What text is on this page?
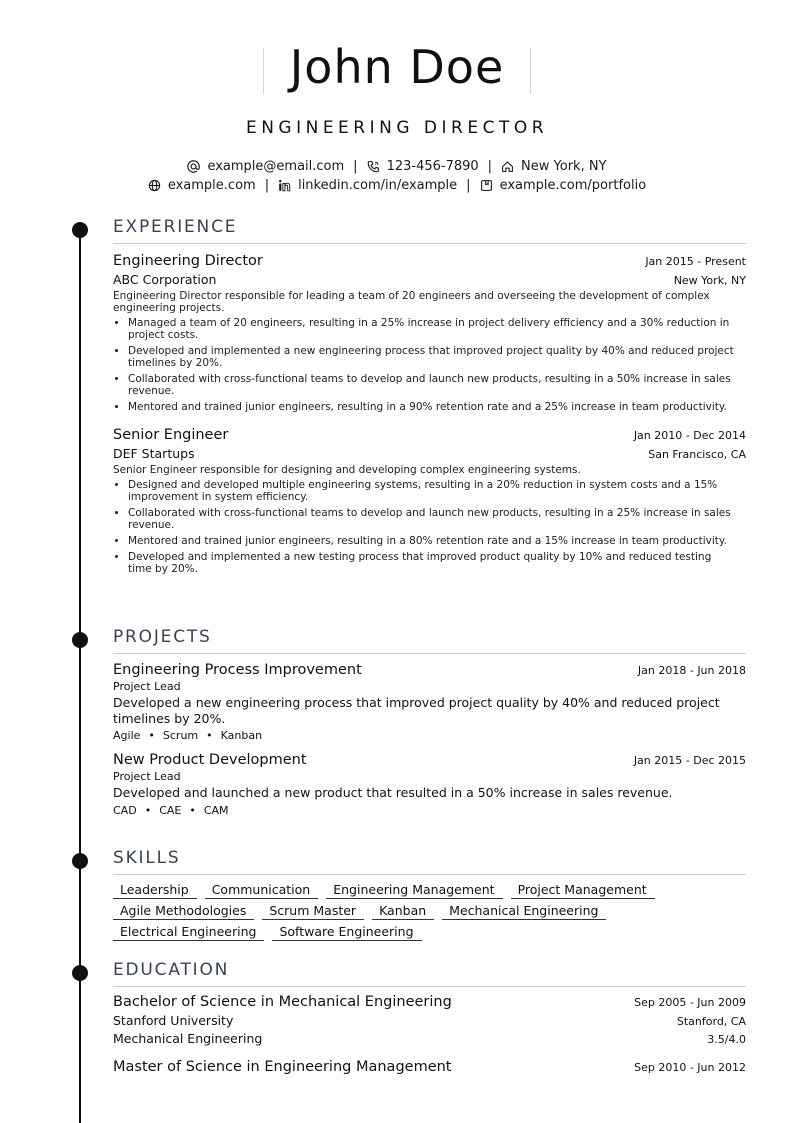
John Doe
ENGINEERING DIRECTOR
example@email.com | 123-456-7890 | New York, NY
example.com | linkedin.com/in/example | example.com/portfolio
EXPERIENCE
Engineering Director	Jan 2015 - Present
ABC Corporation	New York, NY
Engineering Director responsible for leading a team of 20 engineers and overseeing the development of complex engineering projects.
• Managed a team of 20 engineers, resulting in a 25% increase in project delivery efficiency and a 30% reduction in project costs.
• Developed and implemented a new engineering process that improved project quality by 40% and reduced project timelines by 20%.
• Collaborated with cross-functional teams to develop and launch new products, resulting in a 50% increase in sales revenue.
• Mentored and trained junior engineers, resulting in a 90% retention rate and a 25% increase in team productivity.
Senior Engineer	Jan 2010 - Dec 2014
DEF Startups	San Francisco, CA
Senior Engineer responsible for designing and developing complex engineering systems.
• Designed and developed multiple engineering systems, resulting in a 20% reduction in system costs and a 15% improvement in system efficiency.
• Collaborated with cross-functional teams to develop and launch new products, resulting in a 25% increase in sales revenue.
• Mentored and trained junior engineers, resulting in a 80% retention rate and a 15% increase in team productivity.
• Developed and implemented a new testing process that improved product quality by 10% and reduced testing time by 20%.
PROJECTS
Engineering Process Improvement	Jan 2018 - Jun 2018
Project Lead
Developed a new engineering process that improved project quality by 40% and reduced project timelines by 20%.
Agile • Scrum • Kanban
New Product Development	Jan 2015 - Dec 2015
Project Lead
Developed and launched a new product that resulted in a 50% increase in sales revenue.
CAD • CAE • CAM
SKILLS
Leadership	Communication	Engineering Management	Project Management
Agile Methodologies	Scrum Master	Kanban	Mechanical Engineering
Electrical Engineering	Software Engineering
EDUCATION
Bachelor of Science in Mechanical Engineering	Sep 2005 - Jun 2009
Stanford University	Stanford, CA
Mechanical Engineering	3.5/4.0
Master of Science in Engineering Management	Sep 2010 - Jun 2012
